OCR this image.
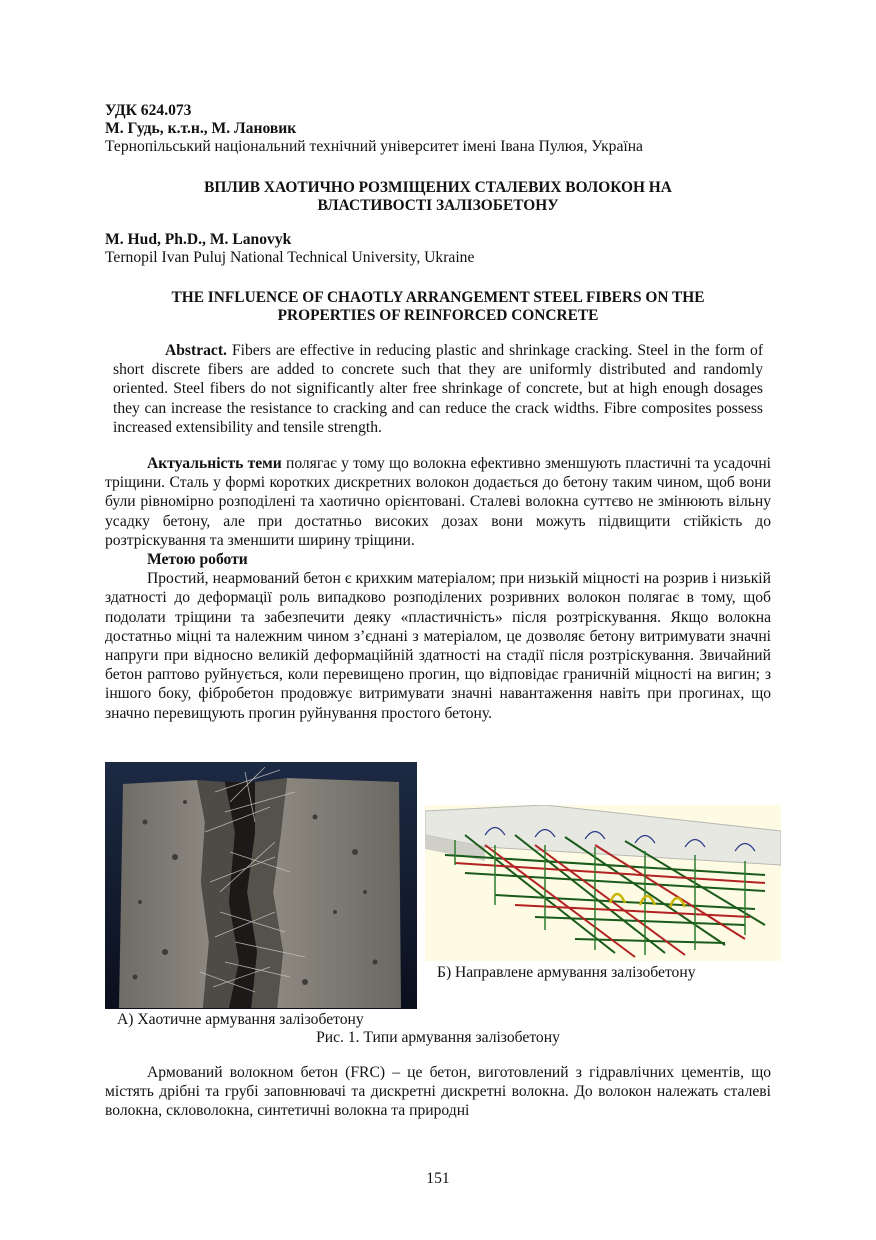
УДК 624.073

М. Гудь, к.т.н., М. Лановик

Тернопільський національний технічний університет імені Івана Пулюя, Україна

ВПЛИВ ХАОТИЧНО РОЗМІЩЕНИХ СТАЛЕВИХ ВОЛОКОН НА

ВЛАСТИВОСТІ ЗАЛІЗОБЕТОНУ

M. Hud, Ph.D., M. Lanovyk

Ternopil Ivan Puluj National Technical University, Ukraine

THE INFLUENCE OF CHAOTLY ARRANGEMENT STEEL FIBERS ON THE

PROPERTIES OF REINFORCED CONCRETE

Abstract. Fibers are effective in reducing plastic and shrinkage cracking. Steel in the form of short discrete fibers are added to concrete such that they are uniformly distributed and randomly oriented. Steel fibers do not significantly alter free shrinkage of concrete, but at high enough dosages they can increase the resistance to cracking and can reduce the crack widths. Fibre composites possess increased extensibility and tensile strength.

Актуальність теми полягає у тому що волокна ефективно зменшують пластичні та усадочні тріщини. Сталь у формі коротких дискретних волокон додається до бетону таким чином, щоб вони були рівномірно розподілені та хаотично орієнтовані. Сталеві волокна суттєво не змінюють вільну усадку бетону, але при достатньо високих дозах вони можуть підвищити стійкість до розтріскування та зменшити ширину тріщини.

Метою роботи

Простий, неармований бетон є крихким матеріалом; при низькій міцності на розрив і низькій здатності до деформації роль випадково розподілених розривних волокон полягає в тому, щоб подолати тріщини та забезпечити деяку «пластичність» після розтріскування. Якщо волокна достатньо міцні та належним чином з’єднані з матеріалом, це дозволяє бетону витримувати значні напруги при відносно великій деформаційній здатності на стадії після розтріскування. Звичайний бетон раптово руйнується, коли перевищено прогин, що відповідає граничній міцності на вигин; з іншого боку, фібробетон продовжує витримувати значні навантаження навіть при прогинах, що значно перевищують прогин руйнування простого бетону.

Б) Направлене армування залізобетону
А) Хаотичне армування залізобетону
Рис. 1. Типи армування залізобетону

Армований волокном бетон (FRC) – це бетон, виготовлений з гідравлічних цементів, що містять дрібні та грубі заповнювачі та дискретні дискретні волокна. До волокон належать сталеві волокна, скловолокна, синтетичні волокна та природні

151
